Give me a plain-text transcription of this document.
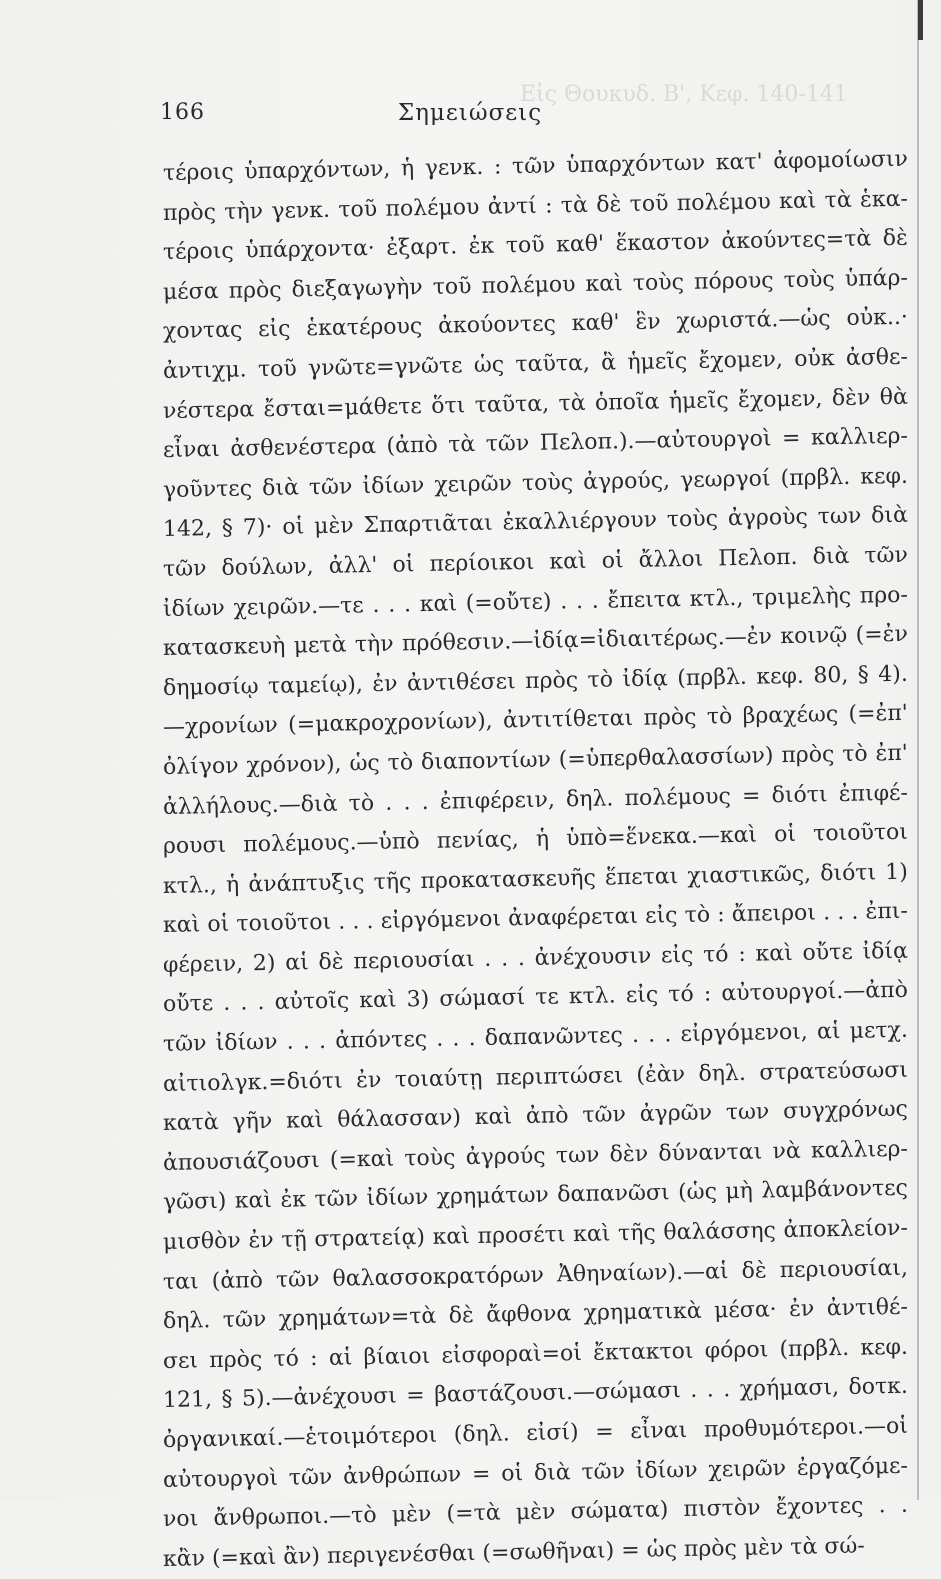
Εἰς Θουκυδ. Β', Κεφ. 140-141
166	Σημειώσεις
τέροις ὑπαρχόντων, ἡ γενκ. : τῶν ὑπαρχόντων κατ' ἀφομοίωσιν
πρὸς τὴν γενκ. τοῦ πολέμου ἀντί : τὰ δὲ τοῦ πολέμου καὶ τὰ ἑκα-
τέροις ὑπάρχοντα· ἐξαρτ. ἐκ τοῦ καθ' ἕκαστον ἀκούντες=τὰ δὲ
μέσα πρὸς διεξαγωγὴν τοῦ πολέμου καὶ τοὺς πόρους τοὺς ὑπάρ-
χοντας εἰς ἑκατέρους ἀκούοντες καθ' ἓν χωριστά.—ὡς οὐκ..·
ἀντιχμ. τοῦ γνῶτε=γνῶτε ὡς ταῦτα, ἃ ἡμεῖς ἔχομεν, οὐκ ἀσθε-
νέστερα ἔσται=μάθετε ὅτι ταῦτα, τὰ ὁποῖα ἡμεῖς ἔχομεν, δὲν θὰ
εἶναι ἀσθενέστερα (ἀπὸ τὰ τῶν Πελοπ.).—αὐτουργοὶ = καλλιερ-
γοῦντες διὰ τῶν ἰδίων χειρῶν τοὺς ἀγρούς, γεωργοί (πρβλ. κεφ.
142, § 7)· οἱ μὲν Σπαρτιᾶται ἐκαλλιέργουν τοὺς ἀγροὺς των διὰ
τῶν δούλων, ἀλλ' οἱ περίοικοι καὶ οἱ ἄλλοι Πελοπ. διὰ τῶν
ἰδίων χειρῶν.—τε . . . καὶ (=οὔτε) . . . ἔπειτα κτλ., τριμελὴς προ-
κατασκευὴ μετὰ τὴν πρόθεσιν.—ἰδίᾳ=ἰδιαιτέρως.—ἐν κοινῷ (=ἐν
δημοσίῳ ταμείῳ), ἐν ἀντιθέσει πρὸς τὸ ἰδίᾳ (πρβλ. κεφ. 80, § 4).
—χρονίων (=μακροχρονίων), ἀντιτίθεται πρὸς τὸ βραχέως (=ἐπ'
ὀλίγον χρόνον), ὡς τὸ διαποντίων (=ὑπερθαλασσίων) πρὸς τὸ ἐπ'
ἀλλήλους.—διὰ τὸ . . . ἐπιφέρειν, δηλ. πολέμους = διότι ἐπιφέ-
ρουσι πολέμους.—ὑπὸ πενίας, ἡ ὑπὸ=ἕνεκα.—καὶ οἱ τοιοῦτοι
κτλ., ἡ ἀνάπτυξις τῆς προκατασκευῆς ἕπεται χιαστικῶς, διότι 1)
καὶ οἱ τοιοῦτοι . . . εἰργόμενοι ἀναφέρεται εἰς τὸ : ἄπειροι . . . ἐπι-
φέρειν, 2) αἱ δὲ περιουσίαι . . . ἀνέχουσιν εἰς τό : καὶ οὔτε ἰδίᾳ
οὔτε . . . αὐτοῖς καὶ 3) σώμασί τε κτλ. εἰς τό : αὐτουργοί.—ἀπὸ
τῶν ἰδίων . . . ἀπόντες . . . δαπανῶντες . . . εἰργόμενοι, αἱ μετχ.
αἰτιολγκ.=διότι ἐν τοιαύτῃ περιπτώσει (ἐὰν δηλ. στρατεύσωσι
κατὰ γῆν καὶ θάλασσαν) καὶ ἀπὸ τῶν ἀγρῶν των συγχρόνως
ἀπουσιάζουσι (=καὶ τοὺς ἀγρούς των δὲν δύνανται νὰ καλλιερ-
γῶσι) καὶ ἐκ τῶν ἰδίων χρημάτων δαπανῶσι (ὡς μὴ λαμβάνοντες
μισθὸν ἐν τῇ στρατείᾳ) καὶ προσέτι καὶ τῆς θαλάσσης ἀποκλείον-
ται (ἀπὸ τῶν θαλασσοκρατόρων Ἀθηναίων).—αἱ δὲ περιουσίαι,
δηλ. τῶν χρημάτων=τὰ δὲ ἄφθονα χρηματικὰ μέσα· ἐν ἀντιθέ-
σει πρὸς τό : αἱ βίαιοι εἰσφοραὶ=οἱ ἔκτακτοι φόροι (πρβλ. κεφ.
121, § 5).—ἀνέχουσι = βαστάζουσι.—σώμασι . . . χρήμασι, δοτκ.
ὀργανικαί.—ἑτοιμότεροι (δηλ. εἰσί) = εἶναι προθυμότεροι.—οἱ
αὐτουργοὶ τῶν ἀνθρώπων = οἱ διὰ τῶν ἰδίων χειρῶν ἐργαζόμε-
νοι ἄνθρωποι.—τὸ μὲν (=τὰ μὲν σώματα) πιστὸν ἔχοντες . .
κἂν (=καὶ ἂν) περιγενέσθαι (=σωθῆναι) = ὡς πρὸς μὲν τὰ σώ-
